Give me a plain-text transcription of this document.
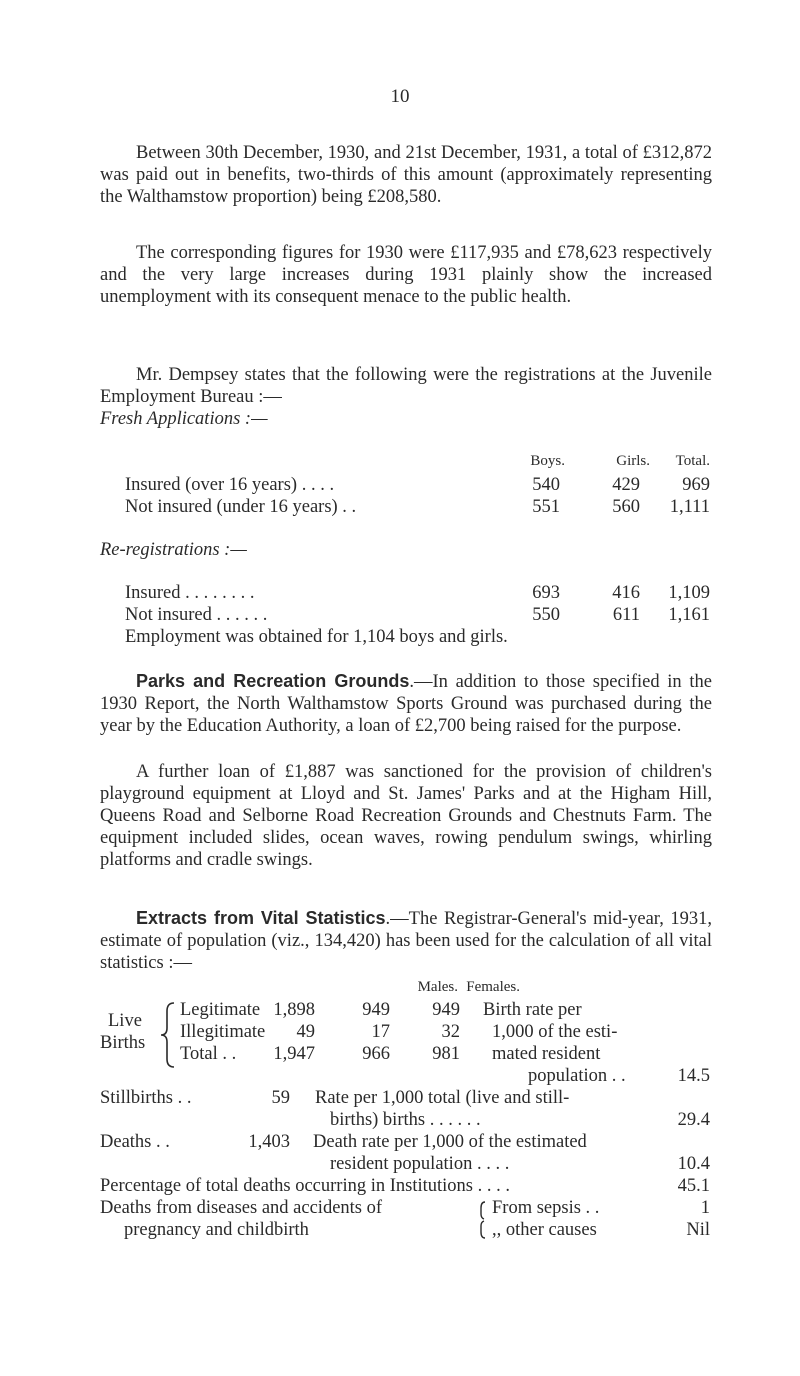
10

Between 30th December, 1930, and 21st December, 1931, a total of £312,872 was paid out in benefits, two-thirds of this amount (approximately representing the Walthamstow proportion) being £208,580.

The corresponding figures for 1930 were £117,935 and £78,623 respectively and the very large increases during 1931 plainly show the increased unemployment with its consequent menace to the public health.

Mr. Dempsey states that the following were the registrations at the Juvenile Employment Bureau :—

Fresh Applications :—
Boys.	Girls.	Total.
Insured (over 16 years) . . . .	540	429	969
Not insured (under 16 years) . .	551	560	1,111
Re-registrations :—
Insured . . . . . . . .	693	416	1,109
Not insured . . . . . .	550	611	1,161
Employment was obtained for 1,104 boys and girls.

Parks and Recreation Grounds.—In addition to those specified in the 1930 Report, the North Walthamstow Sports Ground was purchased during the year by the Education Authority, a loan of £2,700 being raised for the purpose.

A further loan of £1,887 was sanctioned for the provision of children's playground equipment at Lloyd and St. James' Parks and at the Higham Hill, Queens Road and Selborne Road Recreation Grounds and Chestnuts Farm. The equipment included slides, ocean waves, rowing pendulum swings, whirling platforms and cradle swings.

Extracts from Vital Statistics.—The Registrar-General's mid-year, 1931, estimate of population (viz., 134,420) has been used for the calculation of all vital statistics :—

Males. Females.
Live
Births
Legitimate 1,898	949	949
Illegitimate	49	17	32
Total . .	1,947	966	981
Birth rate per
1,000 of the esti-
mated resident
population . .	14.5
Stillbirths . .	59 Rate per 1,000 total (live and still-
births) births . . . . . .	29.4
Deaths . .	1,403 Death rate per 1,000 of the estimated
resident population . . . .	10.4
Percentage of total deaths occurring in Institutions . . . .	45.1
Deaths from diseases and accidents of
pregnancy and childbirth
From sepsis . .	1
,, other causes	Nil
